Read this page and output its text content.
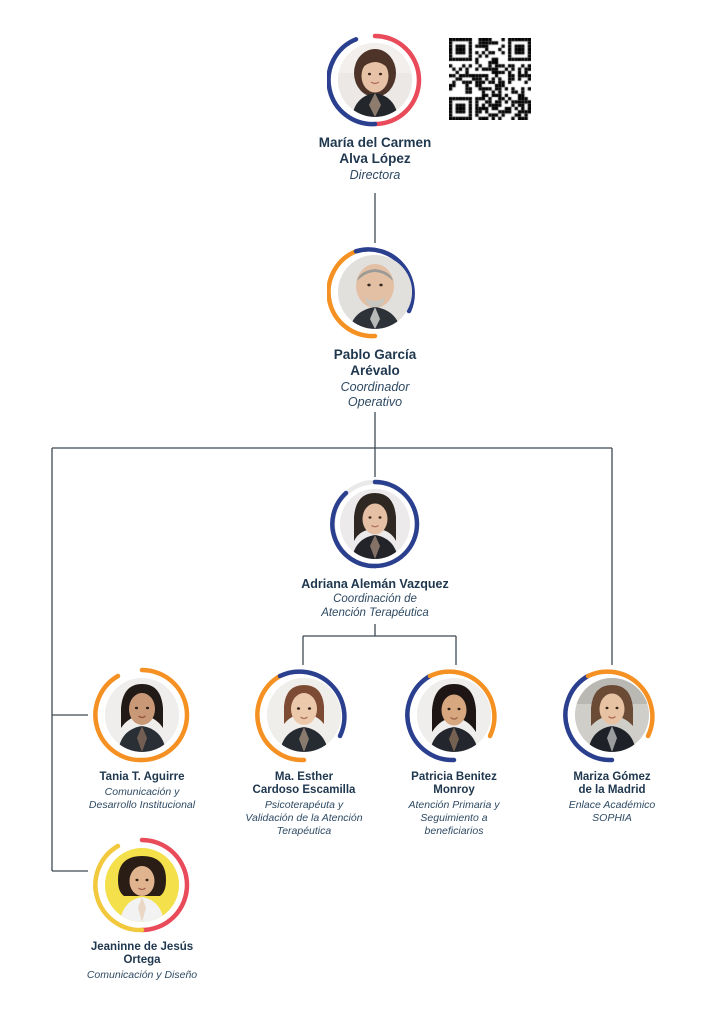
María del Carmen
Alva López
Directora
Pablo García
Arévalo
Coordinador
Operativo
Adriana Alemán Vazquez
Coordinación de
Atención Terapéutica
Tania T. Aguirre
Comunicación y
Desarrollo Institucional
Ma. Esther
Cardoso Escamilla
Psicoterapéuta y
Validación de la Atención
Terapéutica
Patricia Benitez
Monroy
Atención Primaria y
Seguimiento a
beneficiarios
Mariza Gómez
de la Madrid
Enlace Académico
SOPHIA
Jeaninne de Jesús
Ortega
Comunicación y Diseño
